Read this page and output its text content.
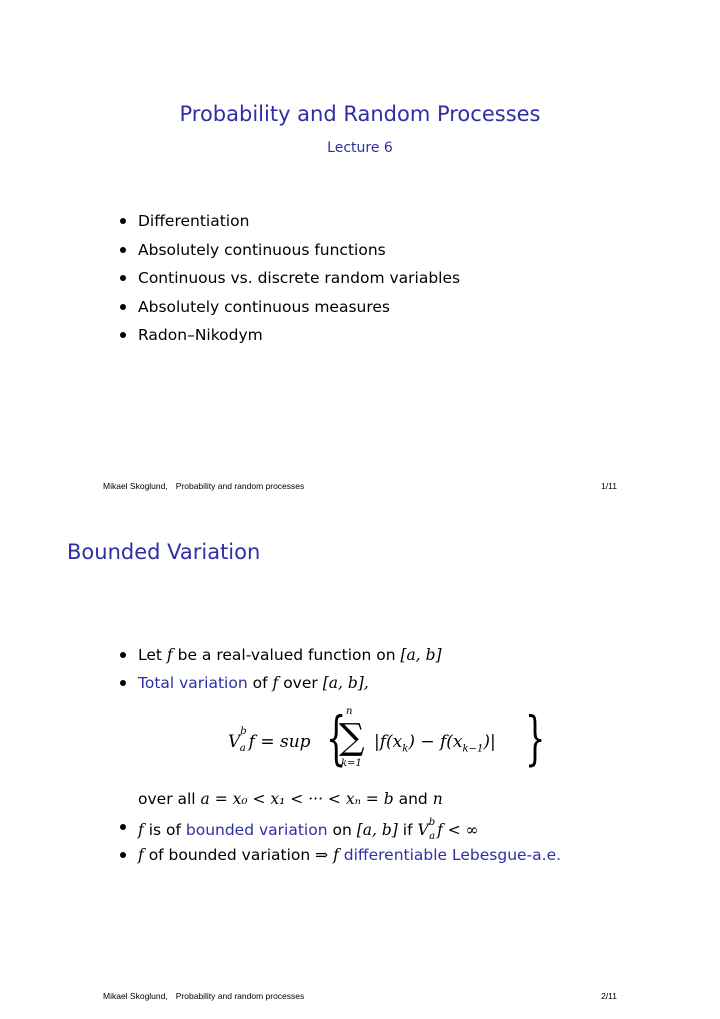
Probability and Random Processes
Lecture 6
Differentiation
Absolutely continuous functions
Continuous vs. discrete random variables
Absolutely continuous measures
Radon–Nikodym
Mikael Skoglund, Probability and random processes	1/11
Bounded Variation
Let f be a real-valued function on [a, b]
Total variation of f over [a, b],
$V^b_a$ f = sup { n
∑
k=1
$|f(x_k) - f(x_{k-1})|$ }
over all a = x₀ < x₁ < ··· < xₙ = b and n
f is of bounded variation on [a, b] if $V^b_a$ f < ∞
f of bounded variation ⇒ f differentiable Lebesgue-a.e.
Mikael Skoglund, Probability and random processes	2/11
